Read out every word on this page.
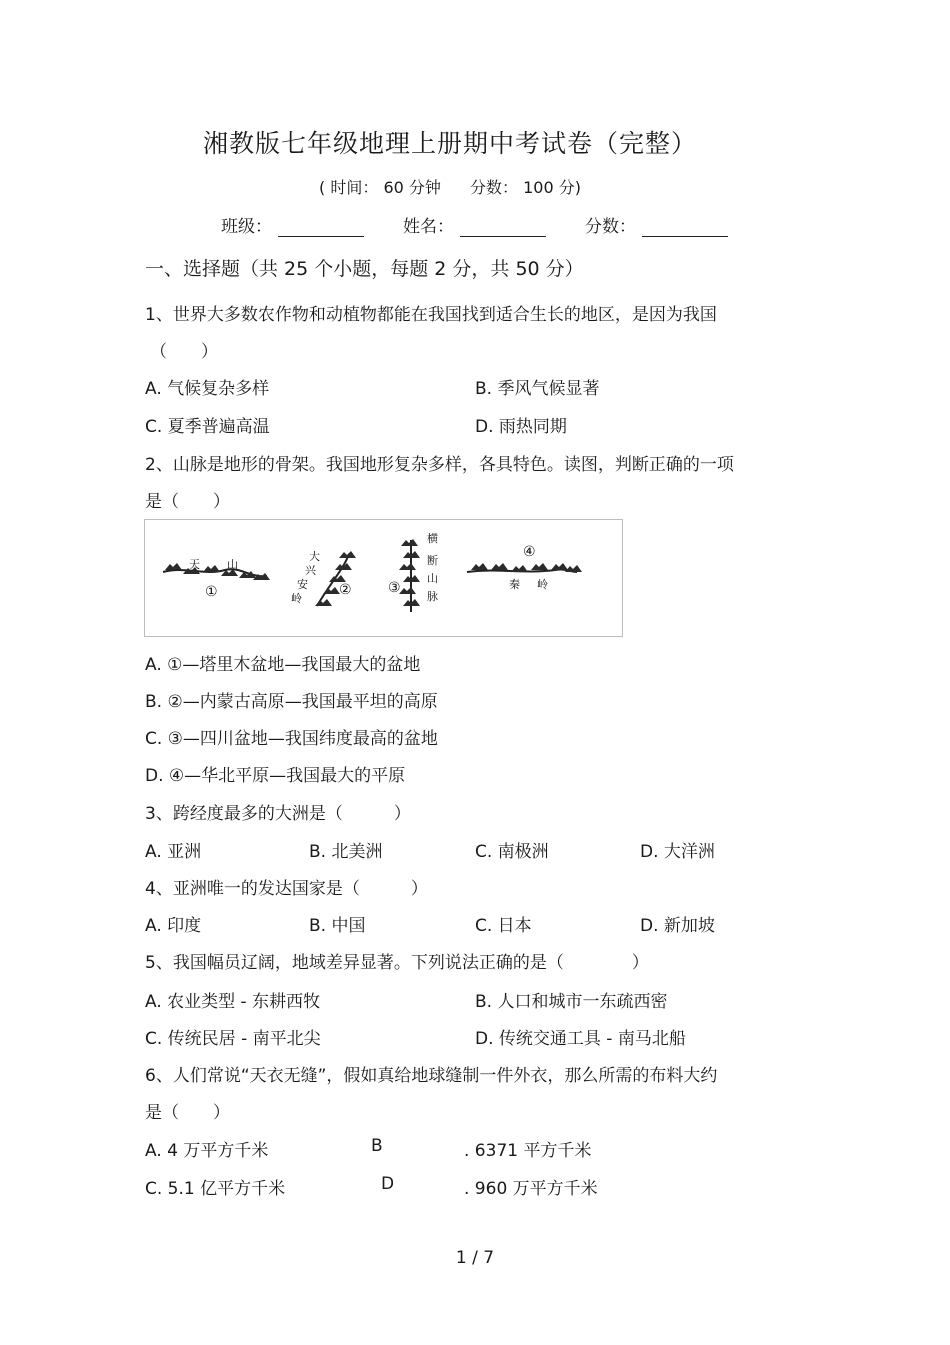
湘教版七年级地理上册期中考试卷（完整）
( 时间： 60 分钟 分数： 100 分)
班级：	姓名：	分数：
一、选择题（共 25 个小题，每题 2 分，共 50 分）
1、世界大多数农作物和动植物都能在我国找到适合生长的地区，是因为我国
（　　）
A. 气候复杂多样	B. 季风气候显著
C. 夏季普遍高温	D. 雨热同期
2、山脉是地形的骨架。我国地形复杂多样，各具特色。读图，判断正确的一项
是（　　）
天 山
①
大
兴
安
岭
②
横
断
山
脉
③
④
秦 岭
A. ①—塔里木盆地—我国最大的盆地
B. ②—内蒙古高原—我国最平坦的高原
C. ③—四川盆地—我国纬度最高的盆地
D. ④—华北平原—我国最大的平原
3、跨经度最多的大洲是（　　　）
A. 亚洲	B. 北美洲	C. 南极洲	D. 大洋洲
4、亚洲唯一的发达国家是（　　　）
A. 印度	B. 中国	C. 日本	D. 新加坡
5、我国幅员辽阔，地域差异显著。下列说法正确的是（　　　　）
A. 农业类型 - 东耕西牧	B. 人口和城市一东疏西密
C. 传统民居 - 南平北尖	D. 传统交通工具 - 南马北船
6、人们常说“天衣无缝”，假如真给地球缝制一件外衣，那么所需的布料大约
是（　　）
A. 4 万平方千米	B	. 6371 平方千米
C. 5.1 亿平方千米	D	. 960 万平方千米
1 / 7
